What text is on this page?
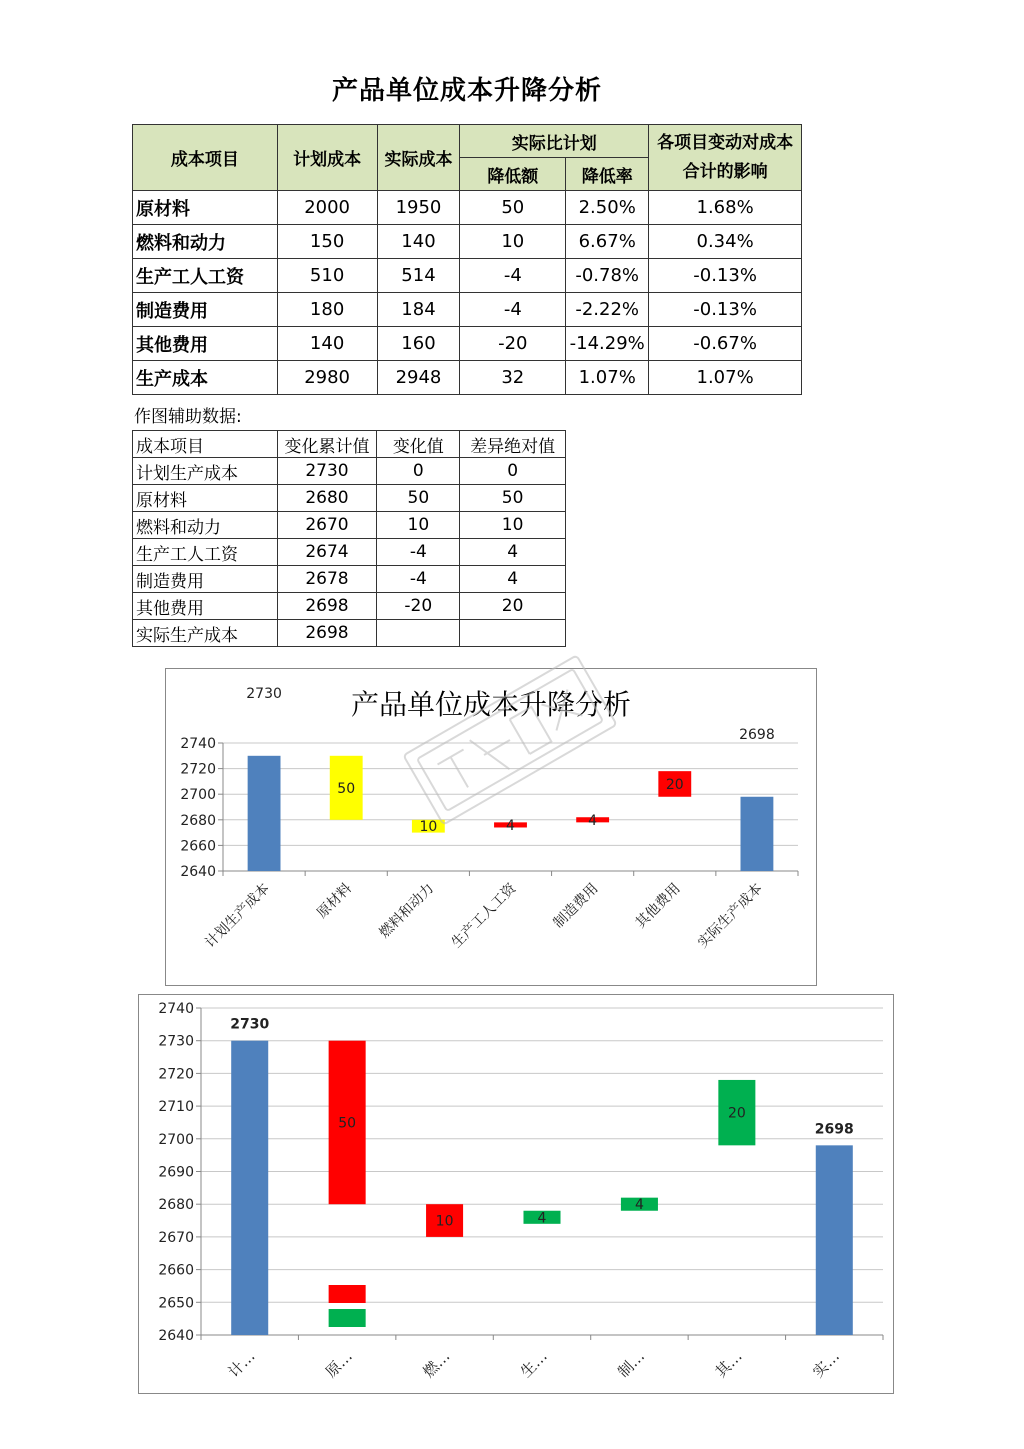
产品单位成本升降分析
成本项目	计划成本	实际成本	实际比计划		各项目变动对成本合计的影响
			降低额	降低率	
原材料	2000	1950	50	2.50%	1.68%
燃料和动力	150	140	10	6.67%	0.34%
生产工人工资	510	514	-4	-0.78%	-0.13%
制造费用	180	184	-4	-2.22%	-0.13%
其他费用	140	160	-20	-14.29%	-0.67%
生产成本	2980	2948	32	1.07%	1.07%
作图辅助数据:
成本项目	变化累计值	变化值	差异绝对值
计划生产成本	2730	0	0
原材料	2680	50	50
燃料和动力	2670	10	10
生产工人工资	2674	-4	4
制造费用	2678	-4	4
其他费用	2698	-20	20
实际生产成本	2698		
产品单位成本升降分析
2640
2660
2680
2700
2720
2740
2730
计划生产成本
50
原材料
10
燃料和动力
4
生产工人工资
4
制造费用
20
其他费用
2698
实际生产成本
2640
2650
2660
2670
2680
2690
2700
2710
2720
2730
2740
2730
计…
50
原…
10
燃…
4
生…
4
制…
20
其…
2698
实…
